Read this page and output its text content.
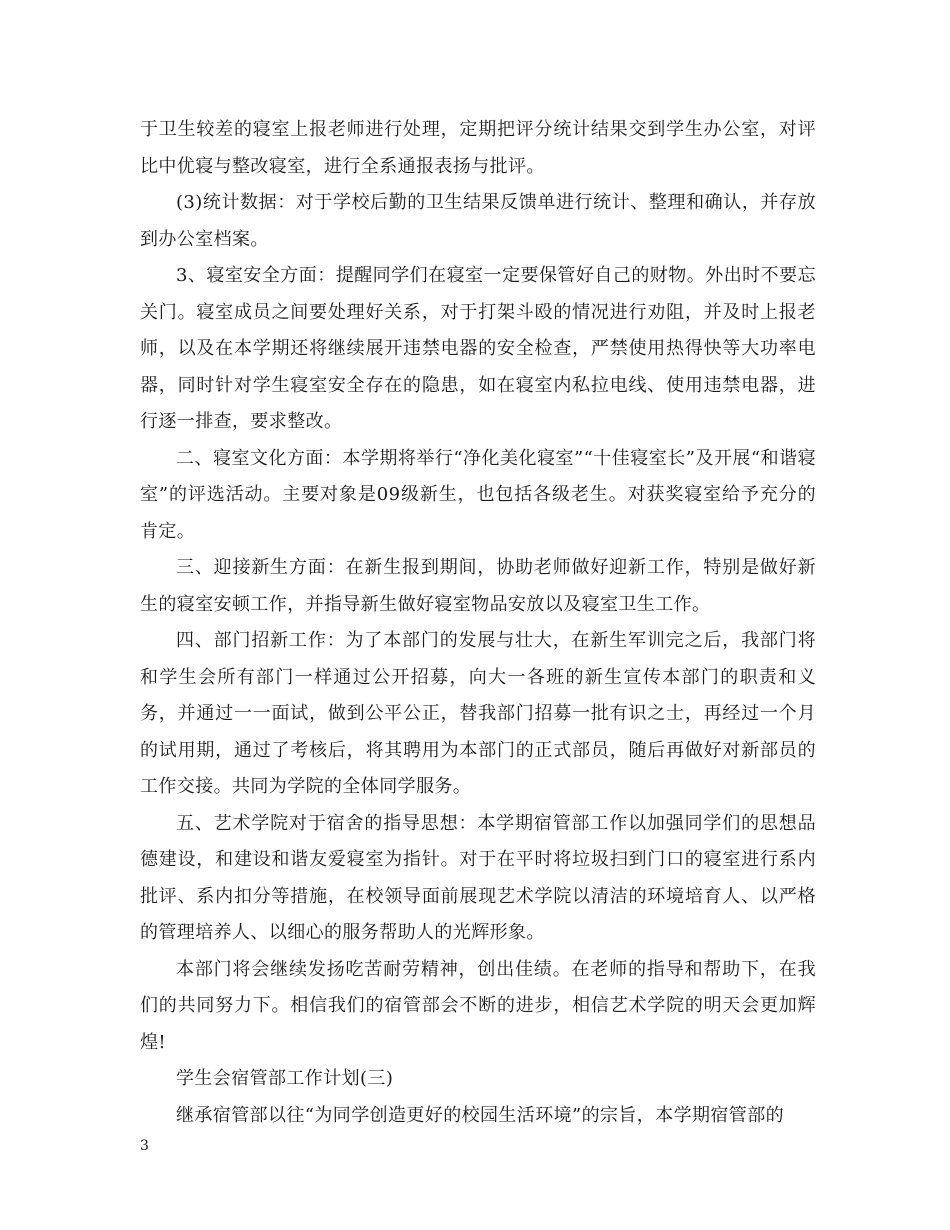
于卫生较差的寝室上报老师进行处理，定期把评分统计结果交到学生办公室，对评比中优寝与整改寝室，进行全系通报表扬与批评。

(3)统计数据：对于学校后勤的卫生结果反馈单进行统计、整理和确认，并存放到办公室档案。

3、寝室安全方面：提醒同学们在寝室一定要保管好自己的财物。外出时不要忘关门。寝室成员之间要处理好关系，对于打架斗殴的情况进行劝阻，并及时上报老师，以及在本学期还将继续展开违禁电器的安全检查，严禁使用热得快等大功率电器，同时针对学生寝室安全存在的隐患，如在寝室内私拉电线、使用违禁电器，进行逐一排查，要求整改。

二、寝室文化方面：本学期将举行“净化美化寝室”“十佳寝室长”及开展“和谐寝室”的评选活动。主要对象是09级新生，也包括各级老生。对获奖寝室给予充分的肯定。

三、迎接新生方面：在新生报到期间，协助老师做好迎新工作，特别是做好新生的寝室安顿工作，并指导新生做好寝室物品安放以及寝室卫生工作。

四、部门招新工作：为了本部门的发展与壮大，在新生军训完之后，我部门将和学生会所有部门一样通过公开招募，向大一各班的新生宣传本部门的职责和义务，并通过一一面试，做到公平公正，替我部门招募一批有识之士，再经过一个月的试用期，通过了考核后，将其聘用为本部门的正式部员，随后再做好对新部员的工作交接。共同为学院的全体同学服务。

五、艺术学院对于宿舍的指导思想：本学期宿管部工作以加强同学们的思想品德建设，和建设和谐友爱寝室为指针。对于在平时将垃圾扫到门口的寝室进行系内批评、系内扣分等措施，在校领导面前展现艺术学院以清洁的环境培育人、以严格的管理培养人、以细心的服务帮助人的光辉形象。

本部门将会继续发扬吃苦耐劳精神，创出佳绩。在老师的指导和帮助下，在我们的共同努力下。相信我们的宿管部会不断的进步，相信艺术学院的明天会更加辉煌!

学生会宿管部工作计划(三)

继承宿管部以往“为同学创造更好的校园生活环境”的宗旨，本学期宿管部的

3
